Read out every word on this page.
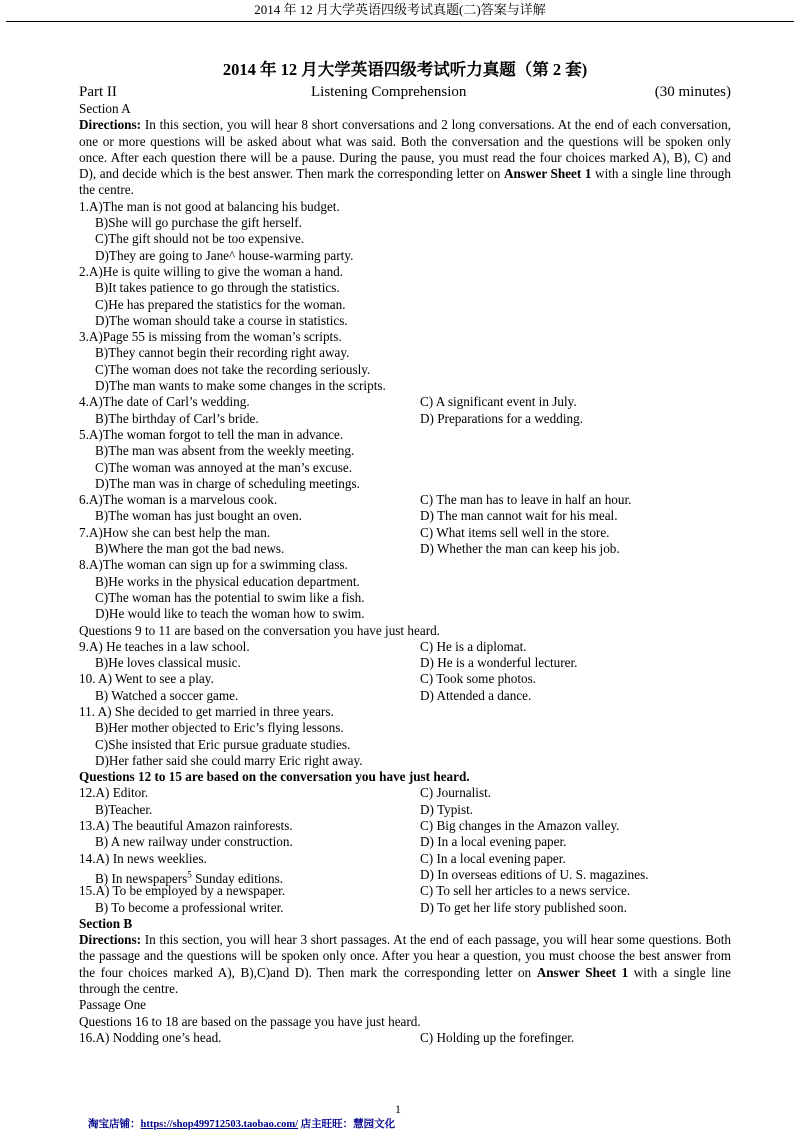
2014 年 12 月大学英语四级考试真题(二)答案与详解
2014 年 12 月大学英语四级考试听力真题（第 2 套)
Part II	Listening Comprehension	(30 minutes)
Section A
Directions: In this section, you will hear 8 short conversations and 2 long conversations. At the end of each conversation, one or more questions will be asked about what was said. Both the conversation and the questions will be spoken only once. After each question there will be a pause. During the pause, you must read the four choices marked A), B), C) and D), and decide which is the best answer. Then mark the corresponding letter on Answer Sheet 1 with a single line through the centre.
1.A)The man is not good at balancing his budget.
B)She will go purchase the gift herself.
C)The gift should not be too expensive.
D)They are going to Jane^ house-warming party.
2.A)He is quite willing to give the woman a hand.
B)It takes patience to go through the statistics.
C)He has prepared the statistics for the woman.
D)The woman should take a course in statistics.
3.A)Page 55 is missing from the woman’s scripts.
B)They cannot begin their recording right away.
C)The woman does not take the recording seriously.
D)The man wants to make some changes in the scripts.
4.A)The date of Carl’s wedding.	C) A significant event in July.
B)The birthday of Carl’s bride.	D) Preparations for a wedding.
5.A)The woman forgot to tell the man in advance.
B)The man was absent from the weekly meeting.
C)The woman was annoyed at the man’s excuse.
D)The man was in charge of scheduling meetings.
6.A)The woman is a marvelous cook.	C) The man has to leave in half an hour.
B)The woman has just bought an oven.	D) The man cannot wait for his meal.
7.A)How she can best help the man.	C) What items sell well in the store.
B)Where the man got the bad news.	D) Whether the man can keep his job.
8.A)The woman can sign up for a swimming class.
B)He works in the physical education department.
C)The woman has the potential to swim like a fish.
D)He would like to teach the woman how to swim.
Questions 9 to 11 are based on the conversation you have just heard.
9.A) He teaches in a law school.	C) He is a diplomat.
B)He loves classical music.	D) He is a wonderful lecturer.
10. A) Went to see a play.	C) Took some photos.
B) Watched a soccer game.	D) Attended a dance.
11. A) She decided to get married in three years.
B)Her mother objected to Eric’s flying lessons.
C)She insisted that Eric pursue graduate studies.
D)Her father said she could marry Eric right away.
Questions 12 to 15 are based on the conversation you have just heard.
12.A) Editor.	C) Journalist.
B)Teacher.	D) Typist.
13.A) The beautiful Amazon rainforests.	C) Big changes in the Amazon valley.
B) A new railway under construction.	D) In a local evening paper.
14.A) In news weeklies.	C) In a local evening paper.
B) In newspapers$^5$ Sunday editions.	D) In overseas editions of U. S. magazines.
15.A) To be employed by a newspaper.	C) To sell her articles to a news service.
B) To become a professional writer.	D) To get her life story published soon.
Section B
Directions: In this section, you will hear 3 short passages. At the end of each passage, you will hear some questions. Both the passage and the questions will be spoken only once. After you hear a question, you must choose the best answer from the four choices marked A), B),C)and D). Then mark the corresponding letter on Answer Sheet 1 with a single line through the centre.
Passage One
Questions 16 to 18 are based on the passage you have just heard.
16.A) Nodding one’s head.	C) Holding up the forefinger.
1
淘宝店铺：https://shop499712503.taobao.com/ 店主旺旺：慧园文化
